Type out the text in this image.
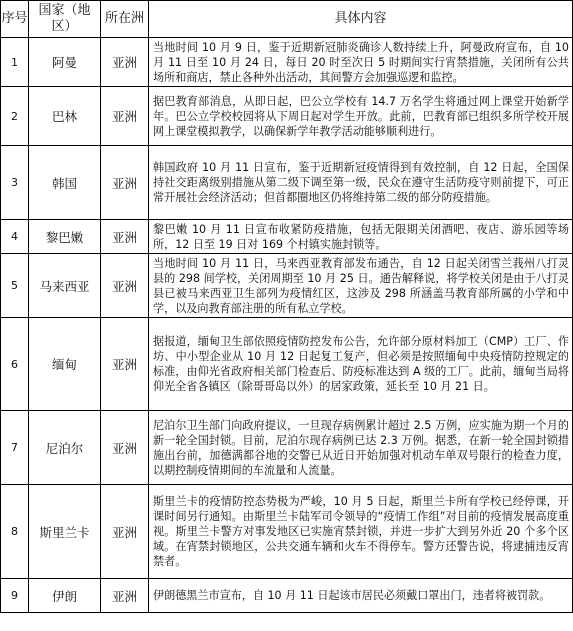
序号	国家（地区）	所在洲	具体内容
1	阿曼	亚洲	当地时间 10 月 9 日，鉴于近期新冠肺炎确诊人数持续上升，阿曼政府宣布，自 10 月 11 日至 10 月 24 日，每日 20 时至次日 5 时期间实行宵禁措施，关闭所有公共场所和商店，禁止各种外出活动，其间警方会加强巡逻和监控。
2	巴林	亚洲	据巴教育部消息，从即日起，巴公立学校有 14.7 万名学生将通过网上课堂开始新学年。巴公立学校校园将从下周日起对学生开放。此前，巴教育部已组织多所学校开展网上课堂模拟教学，以确保新学年教学活动能够顺利进行。
3	韩国	亚洲	韩国政府 10 月 11 日宣布，鉴于近期新冠疫情得到有效控制，自 12 日起，全国保持社交距离级别措施从第二级下调至第一级，民众在遵守生活防疫守则前提下，可正常开展社会经济活动；但首都圈地区仍将维持第二级的部分防疫措施。
4	黎巴嫩	亚洲	黎巴嫩 10 月 11 日宣布收紧防疫措施，包括无限期关闭酒吧、夜店、游乐园等场所，12 日至 19 日对 169 个村镇实施封锁等。
5	马来西亚	亚洲	当地时间 10 月 11 日，马来西亚教育部发布通告，自 12 日起关闭雪兰莪州八打灵县的 298 间学校，关闭周期至 10 月 25 日。通告解释说，将学校关闭是由于八打灵县已被马来西亚卫生部列为疫情红区，这涉及 298 所涵盖马教育部所属的小学和中学，以及向教育部注册的所有私立学校。
6	缅甸	亚洲	据报道，缅甸卫生部依照疫情防控发布公告，允许部分原材料加工（CMP）工厂、作坊、中小型企业从 10 月 12 日起复工复产，但必须是按照缅甸中央疫情防控规定的标准，由仰光省政府相关部门检查后、防疫标准达到 A 级的工厂。此前，缅甸当局将仰光全省各镇区（除哥哥岛以外）的居家政策，延长至 10 月 21 日。
7	尼泊尔	亚洲	尼泊尔卫生部门向政府提议，一旦现存病例累计超过 2.5 万例，应实施为期一个月的新一轮全国封锁。目前，尼泊尔现存病例已达 2.3 万例。据悉，在新一轮全国封锁措施出台前，加德满都谷地的交警已从近日开始加强对机动车单双号限行的检查力度，以期控制疫情期间的车流量和人流量。
8	斯里兰卡	亚洲	斯里兰卡的疫情防控态势极为严峻，10 月 5 日起，斯里兰卡所有学校已经停课，开课时间另行通知。由斯里兰卡陆军司令领导的“疫情工作组”对目前的疫情发展高度重视。斯里兰卡警方对事发地区已实施宵禁封锁，并进一步扩大到另外近 20 个多个区域。在宵禁封锁地区，公共交通车辆和火车不得停车。警方还警告说，将逮捕违反宵禁者。
9	伊朗	亚洲	伊朗德黑兰市宣布，自 10 月 11 日起该市居民必须戴口罩出门，违者将被罚款。
